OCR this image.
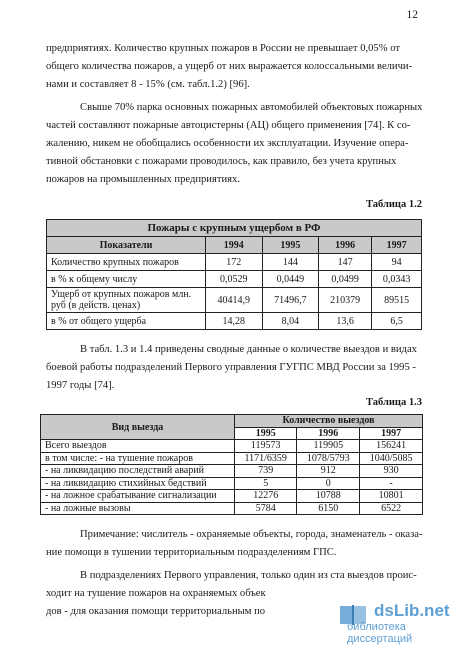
12

предприятиях. Количество крупных пожаров в России не превышает 0,05% от

общего количества пожаров, а ущерб от них выражается колоссальными величи-

нами и составляет 8 - 15% (см. табл.1.2) [96].

Свыше 70% парка основных пожарных автомобилей объектовых пожарных

частей составляют пожарные автоцистерны (АЦ) общего применения [74]. К со-

жалению, никем не обобщались особенности их эксплуатации. Изучение опера-

тивной обстановки с пожарами проводилось, как правило, без учета крупных

пожаров на промышленных предприятиях.

Таблица 1.2
Пожары с крупным ущербом в РФ				
Показатели	1994	1995	1996	1997
Количество крупных пожаров	172	144	147	94
в % к общему числу	0,0529	0,0449	0,0499	0,0343
Ущерб от крупных пожаров млн. руб (в действ. ценах)	40414,9	71496,7	210379	89515
в % от общего ущерба	14,28	8,04	13,6	6,5

В табл. 1.3 и 1.4 приведены сводные данные о количестве выездов и видах

боевой работы подразделений Первого управления ГУГПС МВД России за 1995 -

1997 годы [74].

Таблица 1.3
Вид выезда	Количество выездов		
	1995	1996	1997
Всего выездов	119573	119905	156241
в том числе: - на тушение пожаров	1171/6359	1078/5793	1040/5085
- на ликвидацию последствий аварий	739	912	930
- на ликвидацию стихийных бедствий	5	0	-
- на ложное срабатывание сигнализации	12276	10788	10801
- на ложные вызовы	5784	6150	6522

Примечание: числитель - охраняемые объекты, города, знаменатель - оказа-

ние помощи в тушении территориальным подразделениям ГПС.

В подразделениях Первого управления, только один из ста выездов проис-

ходит на тушение пожаров на охраняемых объек

дов - для оказания помощи территориальным по	dsLib.net
библиотека диссертаций
